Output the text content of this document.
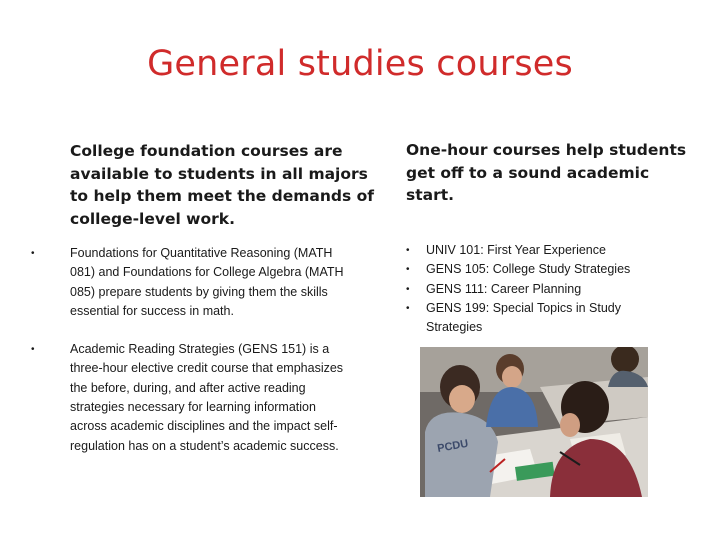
General studies courses
College foundation courses are available to students in all majors to help them meet the demands of college-level work.
•	Foundations for Quantitative Reasoning (MATH 081) and Foundations for College Algebra (MATH 085) prepare students by giving them the skills essential for success in math.
•	Academic Reading Strategies (GENS 151) is a three-hour elective credit course that emphasizes the before, during, and after active reading strategies necessary for learning information across academic disciplines and the impact self-regulation has on a student’s academic success.
One-hour courses help students get off to a sound academic start.
• UNIV 101: First Year Experience
• GENS 105: College Study Strategies
• GENS 111: Career Planning
• GENS 199: Special Topics in Study Strategies
PCDU
